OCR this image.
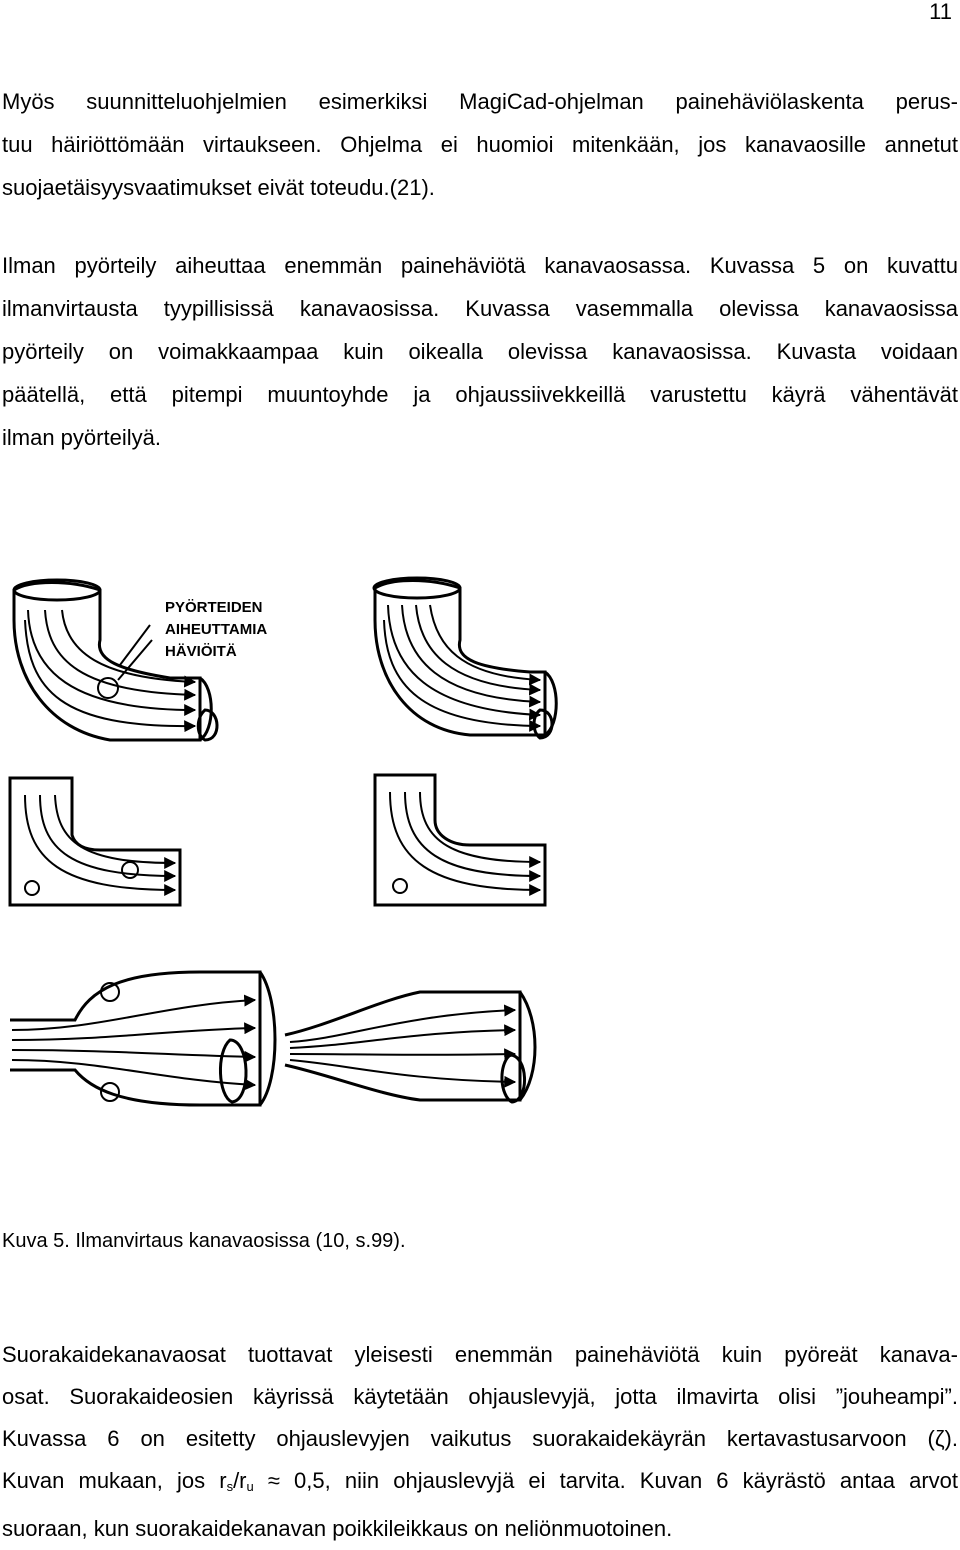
11

Myös suunnitteluohjelmien esimerkiksi MagiCad-ohjelman painehäviölaskenta perus-
tuu häiriöttömään virtaukseen. Ohjelma ei huomioi mitenkään, jos kanavaosille annetut
suojaetäisyysvaatimukset eivät toteudu.(21).

Ilman pyörteily aiheuttaa enemmän painehäviötä kanavaosassa. Kuvassa 5 on kuvattu
ilmanvirtausta tyypillisissä kanavaosissa. Kuvassa vasemmalla olevissa kanavaosissa
pyörteily on voimakkaampaa kuin oikealla olevissa kanavaosissa. Kuvasta voidaan
päätellä, että pitempi muuntoyhde ja ohjaussiivekkeillä varustettu käyrä vähentävät
ilman pyörteilyä.

PYÖRTEIDEN
AIHEUTTAMIA
HÄVIÖITÄ
Kuva 5. Ilmanvirtaus kanavaosissa (10, s.99).

Suorakaidekanavaosat tuottavat yleisesti enemmän painehäviötä kuin pyöreät kanava-
osat. Suorakaideosien käyrissä käytetään ohjauslevyjä, jotta ilmavirta olisi ”jouheampi”.
Kuvassa 6 on esitetty ohjauslevyjen vaikutus suorakaidekäyrän kertavastusarvoon (ζ).
Kuvan mukaan, jos $r_s/r_u \approx 0,5$, niin ohjauslevyjä ei tarvita. Kuvan 6 käyrästö antaa arvot
suoraan, kun suorakaidekanavan poikkileikkaus on neliönmuotoinen.
